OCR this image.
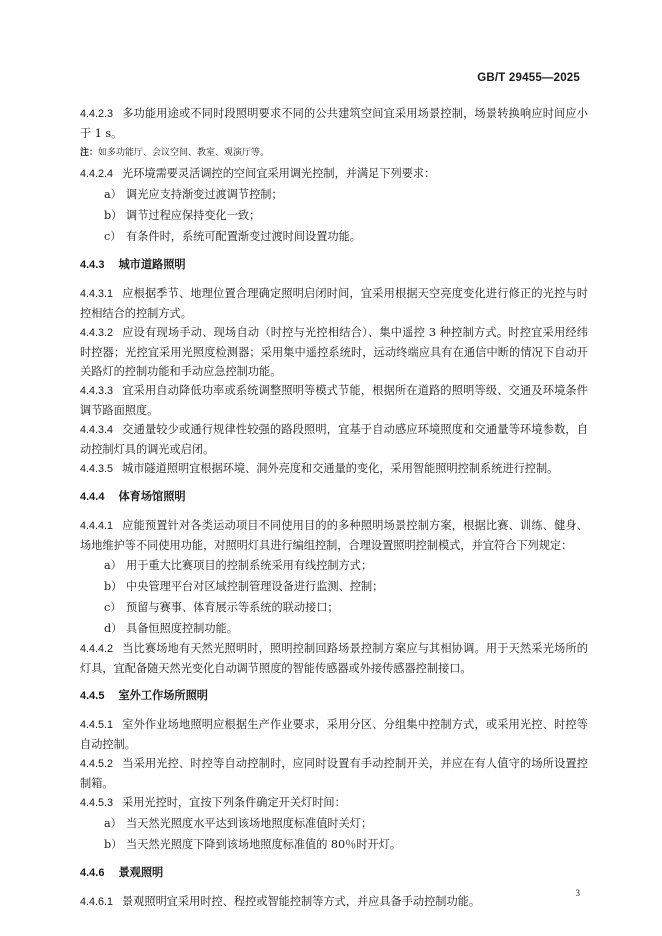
GB/T 29455—2025
4.4.2.3 多功能用途或不同时段照明要求不同的公共建筑空间宜采用场景控制，场景转换响应时间应小于 1 s。
注：如多功能厅、会议空间、教室、观演厅等。
4.4.2.4 光环境需要灵活调控的空间宜采用调光控制，并满足下列要求：
a） 调光应支持渐变过渡调节控制；
b） 调节过程应保持变化一致；
c） 有条件时，系统可配置渐变过渡时间设置功能。
4.4.3 城市道路照明
4.4.3.1 应根据季节、地理位置合理确定照明启闭时间，宜采用根据天空亮度变化进行修正的光控与时控相结合的控制方式。
4.4.3.2 应设有现场手动、现场自动（时控与光控相结合）、集中遥控 3 种控制方式。时控宜采用经纬时控器；光控宜采用光照度检测器；采用集中遥控系统时，远动终端应具有在通信中断的情况下自动开关路灯的控制功能和手动应急控制功能。
4.4.3.3 宜采用自动降低功率或系统调整照明等模式节能，根据所在道路的照明等级、交通及环境条件调节路面照度。
4.4.3.4 交通量较少或通行规律性较强的路段照明，宜基于自动感应环境照度和交通量等环境参数，自动控制灯具的调光或启闭。
4.4.3.5 城市隧道照明宜根据环境、洞外亮度和交通量的变化，采用智能照明控制系统进行控制。
4.4.4 体育场馆照明
4.4.4.1 应能预置针对各类运动项目不同使用目的的多种照明场景控制方案，根据比赛、训练、健身、场地维护等不同使用功能，对照明灯具进行编组控制，合理设置照明控制模式，并宜符合下列规定：
a） 用于重大比赛项目的控制系统采用有线控制方式；
b） 中央管理平台对区域控制管理设备进行监测、控制；
c） 预留与赛事、体育展示等系统的联动接口；
d） 具备恒照度控制功能。
4.4.4.2 当比赛场地有天然光照明时，照明控制回路场景控制方案应与其相协调。用于天然采光场所的灯具，宜配备随天然光变化自动调节照度的智能传感器或外接传感器控制接口。
4.4.5 室外工作场所照明
4.4.5.1 室外作业场地照明应根据生产作业要求，采用分区、分组集中控制方式，或采用光控、时控等自动控制。
4.4.5.2 当采用光控、时控等自动控制时，应同时设置有手动控制开关，并应在有人值守的场所设置控制箱。
4.4.5.3 采用光控时，宜按下列条件确定开关灯时间：
a） 当天然光照度水平达到该场地照度标准值时关灯；
b） 当天然光照度下降到该场地照度标准值的 80％时开灯。
4.4.6 景观照明
4.4.6.1 景观照明宜采用时控、程控或智能控制等方式，并应具备手动控制功能。
3
